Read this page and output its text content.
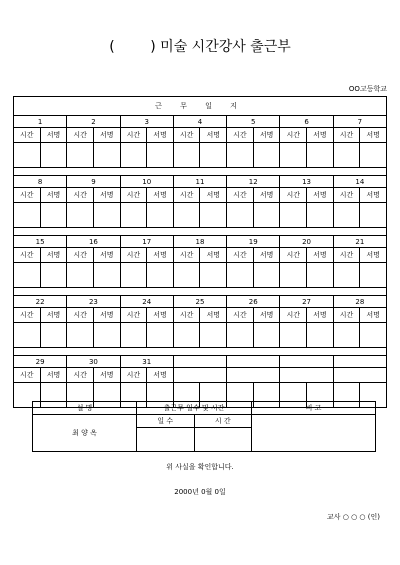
(        ) 미술 시간강사 출근부
OO고등학교
근 무 일 지													
1		2		3		4		5		6		7	
시간	서명	시간	서명	시간	서명	시간	서명	시간	서명	시간	서명	시간	서명

8		9		10		11		12		13		14	
시간	서명	시간	서명	시간	서명	시간	서명	시간	서명	시간	서명	시간	서명

15		16		17		18		19		20		21	
시간	서명	시간	서명	시간	서명	시간	서명	시간	서명	시간	서명	시간	서명

22		23		24		25		26		27		28	
시간	서명	시간	서명	시간	서명	시간	서명	시간	서명	시간	서명	시간	서명

29		30		31									
시간	서명	시간	서명	시간	서명								

설 명	출근무 일수 및 시간		비 고
최 양 옥	일 수	시 간	

위 사실을 확인합니다.
2000년 0월 0일
교사 ○ ○ ○ (인)
